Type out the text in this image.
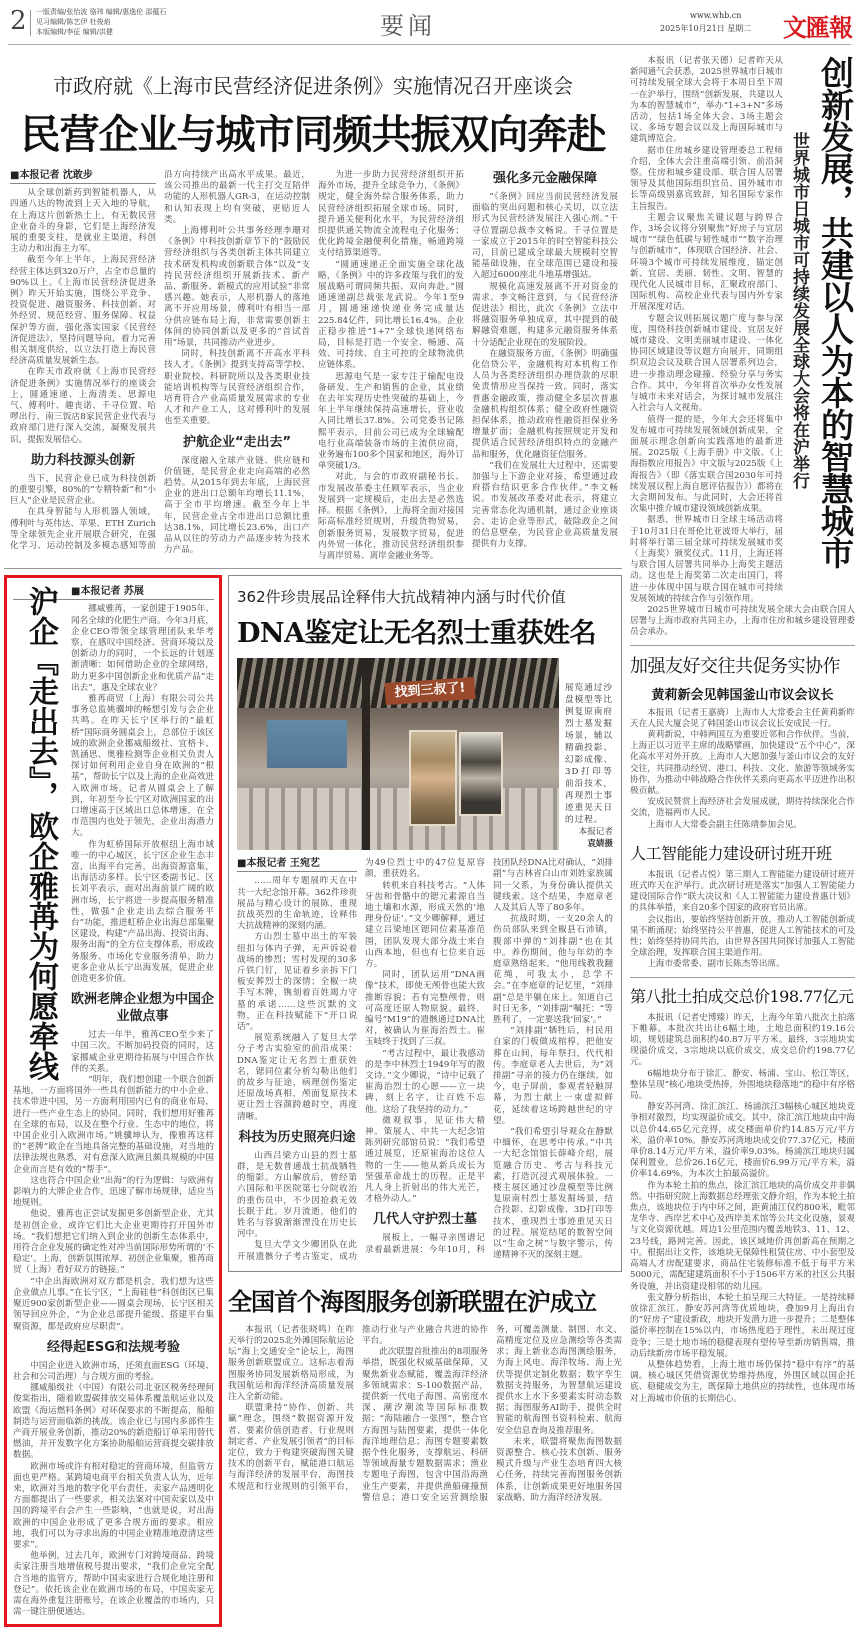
2 一版责编/张怡波 骆玮 编辑/惠逸伦 邵蕴石
见习编辑/陈艺伊 杜俊焰
本版编辑/李征 编辑/洪健	要闻	www.whb.cn
2025年10月21日 星期二 文匯報
市政府就《上海市民营经济促进条例》实施情况召开座谈会
民营企业与城市同频共振双向奔赴
■本报记者 沈敢步

从全球创新药到智能机器人，从四通八达的物流到上天入地的导航，在上海这片创新热土上，有无数民营企业奋斗的身影，它们是上海经济发展的重要支柱，是就业主渠道，科创主动力和出海主力军。

截至今年上半年，上海民营经济经营主体达到320万户，占全市总量的90%以上。《上海市民营经济促进条例》昨天开始实施，围绕公平竞争、投资促进、融资服务、科技创新、对外经贸、规范经营、服务保障、权益保护等方面，强化落实国家《民营经济促进法》，坚持问题导向，着力完善相关制度供给，以立法打造上海民营经济高质量发展新生态。

在昨天市政府就《上海市民营经济促进条例》实施情况举行的座谈会上，圆通速递、上海清美、思源电气、傅利叶、趣丧诺、千寻位置、哈啰出行、南三饭店8家民营企业代表与政府部门进行深入交流，凝聚发展共识，提振发展信心。

助力科技源头创新

当下，民营企业已成为科技创新的重要引擎，80%的“专精特新”和“小巨人”企业是民营企业。

在具身智能与人形机器人领域，傅利叶与英伟达、苹果、ETH Zurich等全球领先企业开展联合研究，在强化学习、运动控制及多模态感知等前沿方向持续产出高水平成果。最近，该公司推出的最新一代主打交互陪伴功能的人形机器人GR-3，在运动控制和认知表现上均有突破，更贴近人类。

上海傅利叶公共事务经理李珊对《条例》中科技创新章节下的“鼓励民营经济组织与各类创新主体共同建立技术研发机构或创新联合体”以及“支持民营经济组织开展新技术、新产品、新服务、新模式的应用试验”非常感兴趣。她表示，人形机器人的落地离不开应用场景，傅利叶有相当一部分供应链布局上海，非常需要创新主体间的协同创新以及更多的“首试首用”场景，共同推动产业进步。

同时，科技创新离不开高水平科技人才。《条例》提到支持高等学校、职业院校、科研院所以及各类职业技能培训机构等与民营经济组织合作，培育符合产业高质量发展需求的专业人才和产业工人，这对傅利叶的发展也至关重要。

护航企业“走出去”

深度融入全球产业链、供应链和价值链，是民营企业走向高端的必然趋势。从2015年到去年底，上海民营企业的进出口总额年均增长11.1%，高于全市平均增速。截至今年上半年，民营企业占全市进出口总额比重达38.1%，同比增长23.6%，出口产品从以往的劳动力产品逐步转为技术力产品。

为进一步助力民营经济组织开拓海外市场，提升全球竞争力，《条例》规定，健全海外综合服务体系，助力民营经济组织拓展全球市场。同时，提升通关便利化水平，为民营经济组织提供通关物流全流程电子化服务；优化跨境金融便利化措施，畅通跨境支付结算渠道等。

“圆通速递正全面实施全球化战略，《条例》中的许多政策与我们的发展战略可谓同频共振、双向奔赴。”圆通速递副总裁张龙武说。今年1至9月，圆通速递快递业务完成量达225.84亿件，同比增长16.4%。企业正稳步推进“1+7”全球快递网络布局，目标是打造一个安全、畅通、高效、可持续、自主可控的全球物流供应链体系。

思源电气是一家专注于输配电设备研发、生产和销售的企业，其业绩在去年实现历史性突破的基础上，今年上半年继续保持高速增长，营业收入同比增长37.8%。公司党委书记陈熙平表示，目前公司已成为全球输配电行业高端装备市场的主流供应商，业务遍布100多个国家和地区，海外订单突破1/3。

对此，与会的市政府副秘书长、市发展改革委主任顾军表示，当企业发展到一定规模后，走出去是必然选择。根据《条例》，上海将全面对接国际高标准经贸规则，升级货物贸易，创新服务贸易，发展数字贸易，促进内外贸一体化，推动民营经济组织参与离岸贸易、离岸金融业务等。

强化多元金融保障

“《条例》回应当前民营经济发展面临的突出问题和核心关切，以立法形式为民营经济发展注入强心剂。”千寻位置副总裁李文畅说。千寻位置是一家成立于2015年的时空智能科技公司，目前已建成全球最大规模时空智能基础设施，在全球范围已建设和接入超过6000座北斗地基增强站。

规模化高速发展离不开对资金的需求。李文畅注意到，与《民营经济促进法》相比，此次《条例》立法中将融资服务单独成章，其中提到的破解融资难题，构建多元融资服务体系十分适配企业现在的发展阶段。

在融资服务方面，《条例》明确强化信贷公平，金融机构对本机构工作人员为各类经济组织办理贷款的尽职免责情形应当保持一致。同时，落实普惠金融政策，推动健全多层次普惠金融机构组织体系；健全政府性融资担保体系，推动政府性融资担保业务增量扩面；金融机构按照规定开发和提供适合民营经济组织特点的金融产品和服务，优化融资征信服务。

“我们在发展壮大过程中，还需要加强与上下游企业对接，希望通过政府搭台结识更多合作伙伴。”李文畅说。市发展改革委对此表示，将建立完善常态化沟通机制，通过企业座谈会、走访企业等形式，破除政企之间的信息壁垒，为民营企业高质量发展提供有力支撑。

沪企『走出去』，欧企雅苒为何愿牵线	■本报记者 苏展

挪威雅苒，一家创建于1905年、闻名全球的化肥生产商。今年3月底，企业CEO带领全球管理团队来华考察，在感叹中国经济、营商环境以及创新动力的同时，一个长远的计划逐渐清晰：如何借助企业的全球网络，助力更多中国创新企业和优质产品“走出去”，惠及全球农业？

雅苒商贸（上海）有限公司公共事务总监姚骥坤的畅想引发与会企业共鸣。在昨天长宁区举行的“最虹桥”国际商务圆桌会上，总部位于该区域的欧洲企业挪威船级社、宜格卡、凯涵思、奥雅检测等企业相关负责人探讨如何利用企业自身在欧洲的“根基”，帮助长宁以及上海的企业高效进入欧洲市场。记者从圆桌会上了解到，年初至今长宁区对欧洲国家的出口增速高于区域出口总体增速，在全市范围内也处于领先，企业出海潜力大。

作为虹桥国际开放枢纽上海市域唯一的中心城区，长宁区企业生态丰富，出海平台完善，出海资源富集，出海活动多样。长宁区委副书记、区长刘平表示，面对出海前景广阔的欧洲市场，长宁将进一步提高服务精准性，做强“企业走出去综合服务平台”功能，推进虹桥企业出海总部集聚区建设，构建“产品出海、投资出海、服务出海”的全方位支撑体系，形成政务服务、市场化专业服务清单，助力更多企业从长宁出海发展，促进企业创造更多价值。

欧洲老牌企业想为中国企业做点事

过去一年半，雅苒CEO至少来了中国三次。不断加码投资的同时，这家挪威企业更期待拓展与中国合作伙伴的关系。

“明年，我们想创建一个联合创新基地，一方面将国外一些具有创新能力的中小企业、技术带进中国，另一方面利用国内已有的商业布局，进行一些产业生态上的协同。同时，我们想用好雅苒在全球的布局，以及在整个行业、生态中的地位，将中国企业引入欧洲市场。”姚骥坤认为，像雅苒这样的“老牌”欧企在当地具备完整的基础设施，对当地的法律法规也熟悉，对有意深入欧洲且颇具规模的中国企业而言是有效的“帮手”。

这也符合中国企业“出海”的行为逻辑：与欧洲有影响力的大牌企业合作，迅速了解市场规律，适应当地规则。

他说，雅苒也正尝试发掘更多创新型企业，尤其是初创企业，或许它们比大企业更期待打开国外市场。“我们想把它们纳入到企业的创新生态体系中，用符合企业发展的确定性对冲当前国际形势所谓的‘不稳定’。上海，创新氛围浓厚、初创企业集聚，雅苒商贸（上海）看好双方的链接。”

“中企出海欧洲对双方都是机会，我们想为这些企业做点儿事。”在长宁区，“上海硅巷”科创街区已集聚近900家创新型企业——圆桌会现场，长宁区相关领导回应外企，“为企业总部提升能级、搭建平台集聚资源，都是政府应尽职责”。

经得起ESG和法规考验

中国企业进入欧洲市场，还须直面ESG（环境、社会和公司治理）与合规方面的考验。

挪威船级社（中国）有限公司北亚区税务经理何俊棠指出，随着欧盟碳排放交易体系覆盖航运业以及欧盟《海运燃料条例》对环保要求的不断提高，船舶制造与运营面临新的挑战。该企业已与国内多部件生产商开展业务创新，推动20%的新造船订单采用替代燃油，并开发数字化方案协助船舶运营商提交碳排放数据。

欧洲市场或许有相对稳定的营商环境，但监管方面也更严格。某跨境电商平台相关负责人认为，近年来，欧洲对当地的数字化平台责任、卖家产品透明化方面都提出了一些要求，相关法案对中国卖家以及中国的跨境平台会产生一些影响，“也就是说，对出海欧洲的中国企业形成了更多合规方面的要求。相应地，我们可以为寻求出海的中国企业精准地澄清这些要求”。

他举例，过去几年，欧洲专门对跨境商品、跨境卖家注册当地增值税号提出要求，“我们企业完全配合当地的监管方，帮助中国卖家进行合规化地注册和登记”。依托该企业在欧洲市场的布局，中国卖家无需在海外重复注册账号，在该企业覆盖的市场内，只需一键注册便通达。

362件珍贵展品诠释伟大抗战精神内涵与时代价值
DNA鉴定让无名烈士重获姓名
找到三叔了!	展览通过沙盘模型等比例复原南府烈士墓发掘场景，辅以精确投影、幻影成像、3D打印等前沿技术，再现烈士事迹重见天日的过程。
本报记者
袁婧摄
■本报记者 王宛艺

……周年专题展昨天在中共一大纪念馆开幕。362件珍贵展品与精心设计的展陈，重现抗战英烈的生命轨迹，诠释伟大抗战精神的深刻内涵。

方山烈士墓中出土的军装纽扣与体内子弹，无声诉说着战场的惨烈；雪村发现的30多斤铁门钉，见证着乡亲拆下门板安葬烈士的深情；全椒一块手写木牌，镌刻着百姓竭力守墓的承诺……这些沉默的文物，正在科技赋能下“开口说话”。

展览系统融入了复旦大学分子考古实验室的前沿成果：DNA鉴定让无名烈士重获姓名，锶同位素分析勾勒出他们的故乡与征途，病理创伤鉴定还原战场真相，颅面复原技术更让烈士容颜跨越时空，再度清晰。

科技为历史照亮归途

山西吕梁方山县的烈士墓群，是无数普通战士抗战牺牲的缩影。方山解放后，曾经第六国际和平医院第七分院收治的重伤员中，不少因抢救无效长眠于此。岁月流逝，他们的姓名与容貌渐渐湮没在历史长河中。

复旦大学文少卿团队在此开展遗骸分子考古鉴定，成功为49位烈士中的47位复原容颜，重获姓名。

转机来自科技考古。“人体牙齿和骨骼中的锶元素源自当地土壤和水源，形成天然的‘地理身份证’。”文少卿解释，通过建立吕梁地区锶同位素基准范围，团队发现大部分战士来自山西本地，但也有七位来自远方。

同时，团队运用“DNA画像”技术，即使无颅骨也能大致推断容貌；若有完整颅骨，则可高度还原人物原貌。最终，编号“M19”的遗骸通过DNA比对，被确认为崔海治烈士。崔玉岐终于找到了三叔。

“考古过程中，最让我感动的是李中林烈士1949年写的散文诗。”文少卿说，“诗中记载了崔海治烈士的心愿——立一块碑，刻上名字，让百姓不忘他。这给了我坚持的动力。”

微观叙事，见证伟大精神。策展人、中共一大纪念馆陈列研究部馆员说：“我们希望通过展览，还原崔海治这位人物的一生——他从新兵成长为坚强革命战士的历程。正是平凡人身上折射出的伟大光芒，才格外动人。”

几代人守护烈士墓

展板上，一幅寻亲图谱记录着最新进展：今年10月，科技团队经DNA比对确认，“刘排副”与吉林省白山市刘姓家族属同一父系，为身份确认提供关键线索。这个结果，李庭章老人及其后人等了80多年。

抗战时期，一支20余人的伤员部队来到全椒县石沛镇，腹部中弹的“刘排副”也在其中。养伤期间，他与年幼的李庭章熟络起来。“他用线教我翻花绳，可我太小，总学不会。”在李庭章的记忆里，“刘排副”总是半躺在床上。知道自己时日无多，“刘排副”嘱托：“等胜利了，一定要送我‘回家’。”

“刘排副”牺牲后，村民用自家的门板做成棺椁，把他安葬在山间，每年祭扫，代代相传。李庭章老人去世后，为“刘排副”寻亲的接力仍在继续。如今，电子屏前，参观者轻触屏幕，为烈士献上一束虚拟鲜花，延续着这场跨越世纪的守望。

“我们希望引导观众在静默中缅怀，在思考中传承。”中共一大纪念馆馆长薛峰介绍，展览融合历史、考古与科技元素，打造沉浸式观展体验。一楼主展区通过沙盘模型等比例复原南村烈士墓发掘场景，结合投影、幻影成像、3D打印等技术，重现烈士事迹重见天日的过程。展览结尾的数智空间以“生命之树”与数字警示，传递精神不灭的深刻主题。

全国首个海图服务创新联盟在沪成立

本报讯（记者张晓鸣）在昨天举行的2025北外滩国际航运论坛“海上交通安全”论坛上，海图服务创新联盟成立。这标志着海图服务协同发展新格局形成，为我国航运和海洋经济高质量发展注入全新动能。

联盟秉持“协作、创新、共赢”理念，围绕“数据资源开发者、要素价值创造者、行业规则制定者、产业发展引领者”的目标定位，致力于构建突破海图关键技术的创新平台，赋能港口航运与海洋经济的发展平台，海图技术规范和行业规则的引领平台，推动行业与产业融合共进的协作平台。

此次联盟首批推出的8项服务举措，既强化权威基础保障，又聚焦新业态赋能，覆盖海洋经济多领域需求：S-100数据产品，提供新一代电子海图、高密度水深、潮汐潮流等国际标准数据；“海陆融合一张图”，整合官方海图与陆图要素，提供一体化海洋地理信息；海图专题要素数据个性化服务，支撑航运、科研等领域海量专题数据需求；渔业专题电子海图，包含中国沿海渔业生产要素，并提供渔船碰撞预警信息；港口安全运营测绘服务，可覆盖测量、制图、水文、高精度定位及应急测绘等各类需求；海上新业态海图测绘服务，为海上风电、海洋牧场、海上光伏等提供定制化数据；数字孪生数据支持服务，为智慧航运建设提供水上水下多要素实时动态数据；海图服务AI助手，提供全时智能的航海图书资料检索、航海安全信息查询及推荐服务。

未来，联盟将聚焦海图数据资源整合、核心技术创新、服务模式升级与产业生态培育四大核心任务，持续完善海图服务创新体系，让创新成果更好地服务国家战略、助力海洋经济发展。

世界城市日城市可持续发展全球大会将在沪举行 创新发展，共建以人为本的智慧城市

本报讯（记者张天德）记者昨天从新闻通气会获悉，2025世界城市日城市可持续发展全球大会将于本周日至下周一在沪举行，围绕“创新发展，共建以人为本的智慧城市”，举办“1+3+N”多场活动，包括1场全体大会、3场主题会议、多场专题会议以及上海国际城市与建筑博览会。

据市住房城乡建设管理委总工程师介绍，全体大会注重高端引领、前沿洞察。住房和城乡建设部、联合国人居署领导及其他国际组织官员、国外城市市长等高级别嘉宾致辞，知名国际专家作主旨报告。

主题会议聚焦关键议题与跨界合作，3场会议将分别聚焦“好房子与宜居城市”“绿色低碳与韧性城市”“数字治理与创新城市”，体现联合国经济、社会、环境3个城市可持续发展维度，锚定创新、宜居、美丽、韧性、文明、智慧的现代化人民城市目标，汇聚政府部门、国际机构、高校企业代表与国内外专家开展深度对话。

专题会议则拓展议题广度与参与深度，围绕科技创新城市建设、宜居友好城市建设、文明美丽城市建设、一体化协同区域建设等议题方向展开，同期组织双边会议及联合国人居署系列边会，进一步推动理念碰撞、经验分享与务实合作。其中，今年将首次举办女性发展与城市未来对话会，为探讨城市发展注入社会与人文视角。

值得一提的是，今年大会还将集中发布城市可持续发展领域创新成果，全面展示理念创新向实践落地的最新进展。2025版《上海手册》中文版、《上海指数应用报告》中文版与2025版《上海报告》（即《落实联合国2030年可持续发展议程上海自愿评估报告》）都将在大会期间发布。与此同时，大会还将首次集中推介城市建设领域创新成果。

据悉，世界城市日全球主场活动将于10月31日在哥伦比亚波哥大举行，届时将举行第三届全球可持续发展城市奖（上海奖）颁奖仪式。11月，上海还将与联合国人居署共同举办上海奖主题活动。这也是上海奖第二次走出国门，将进一步体现中国与联合国在城市可持续发展领域的持续合作与引领作用。

2025世界城市日城市可持续发展全球大会由联合国人居署与上海市政府共同主办，上海市住房和城乡建设管理委员会承办。

加强友好交往共促务实协作
黄莉新会见韩国釜山市议会议长

本报讯（记者王嘉旖）上海市人大常委会主任黄莉新昨天在人民大厦会见了韩国釜山市议会议长安成民一行。

黄莉新说，中韩两国互为重要近邻和合作伙伴。当前，上海正以习近平主席的战略擘画，加快建设“五个中心”，深化高水平对外开放。上海市人大愿加强与釜山市议会的友好交往，共同推动经贸、港口、科技、文化、旅游等领域务实协作，为推动中韩战略合作伙伴关系向更高水平迈进作出积极贡献。

安成民赞赏上海经济社会发展成就，期待持续深化合作交流，造福两市人民。

上海市人大常委会副主任陈靖参加会见。

人工智能能力建设研讨班开班

本报讯（记者占悦）第三期人工智能能力建设研讨班开班式昨天在沪举行。此次研讨班是落实“加强人工智能能力建设国际合作”联大决议和《人工智能能力建设普惠计划》的具体举措，来自20多个国家的政府官员出席。

会议指出，要始终坚持创新开放，推动人工智能创新成果不断涌现；始终坚持公平普惠，促进人工智能技术的可及性；始终坚持协同共治，由世界各国共同探讨加强人工智能全球治理，发挥联合国主渠道作用。

上海市委常委、副市长陈杰等出席。

第八批土拍成交总价198.77亿元

本报讯（记者史博臻）昨天，上海今年第八批次土拍落下帷幕。本批次共出让6幅土地，土地总面积约19.16公顷，规划建筑总面积约40.87万平方米。最终，3宗地块实现溢价成交，3宗地块以底价成交，成交总价约198.77亿元。

6幅地块分布于徐汇、静安、杨浦、宝山、松江等区，整体呈现“核心地块受热捧，外围地块稳落地”的稳中有序格局。

静安苏河湾、徐汇滨江、杨浦滨江3幅核心城区地块竞争相对激烈，均实现溢价成交。其中，徐汇滨江地块由中海以总价44.65亿元竞得，成交楼面单价约14.85万元/平方米，溢价率10%。静安苏河湾地块成交价77.37亿元，楼面单价8.14万元/平方米，溢价率9.03%。杨浦滨江地块归属保利置业，总价26.16亿元，楼面价6.99万元/平方米，溢价率14.69%，为本次土拍最高溢价。

作为本轮土拍的焦点，徐汇滨江地块的高价成交并非偶然。中指研究院上海数据总经理张文静介绍，作为本轮土拍焦点，该地块位于内中环之间，距黄浦江仅约800米，毗邻龙华寺、西岸艺术中心及西岸美术馆等公共文化设施，景观与文化资源优越。周边1公里范围内覆盖地铁3、11、12、23号线，路网完善。因此，该区域地价再创新高在预期之中。根据出让文件，该地块无保障性租赁住房、中小套型及高端人才房配建要求，商品住宅装修标准不低于每平方米5000元，需配建建筑面积不小于1506平方米的社区公共服务设施，并出资建设相邻的幼儿园。

张文静分析指出，本轮土拍呈现三大特征。一是持续释放徐汇滨江、静安苏河湾等优质地块，叠加9月上海出台的“好房子”建设新政，地块开发潜力进一步提升；二是整体溢价率控制在15%以内，市场热度趋于理性，未出现过度竞争；三是土地市场的稳健表现有望传导至新房销售端，推动后续新房市场平稳发展。

从整体趋势看，上海土地市场仍保持“稳中有序”的基调。核心城区凭借资源优势维持热度，外围区域以国企托底、稳健成交为主，既保障土地供应的持续性，也体现市场对上海城市价值的长期信心。
